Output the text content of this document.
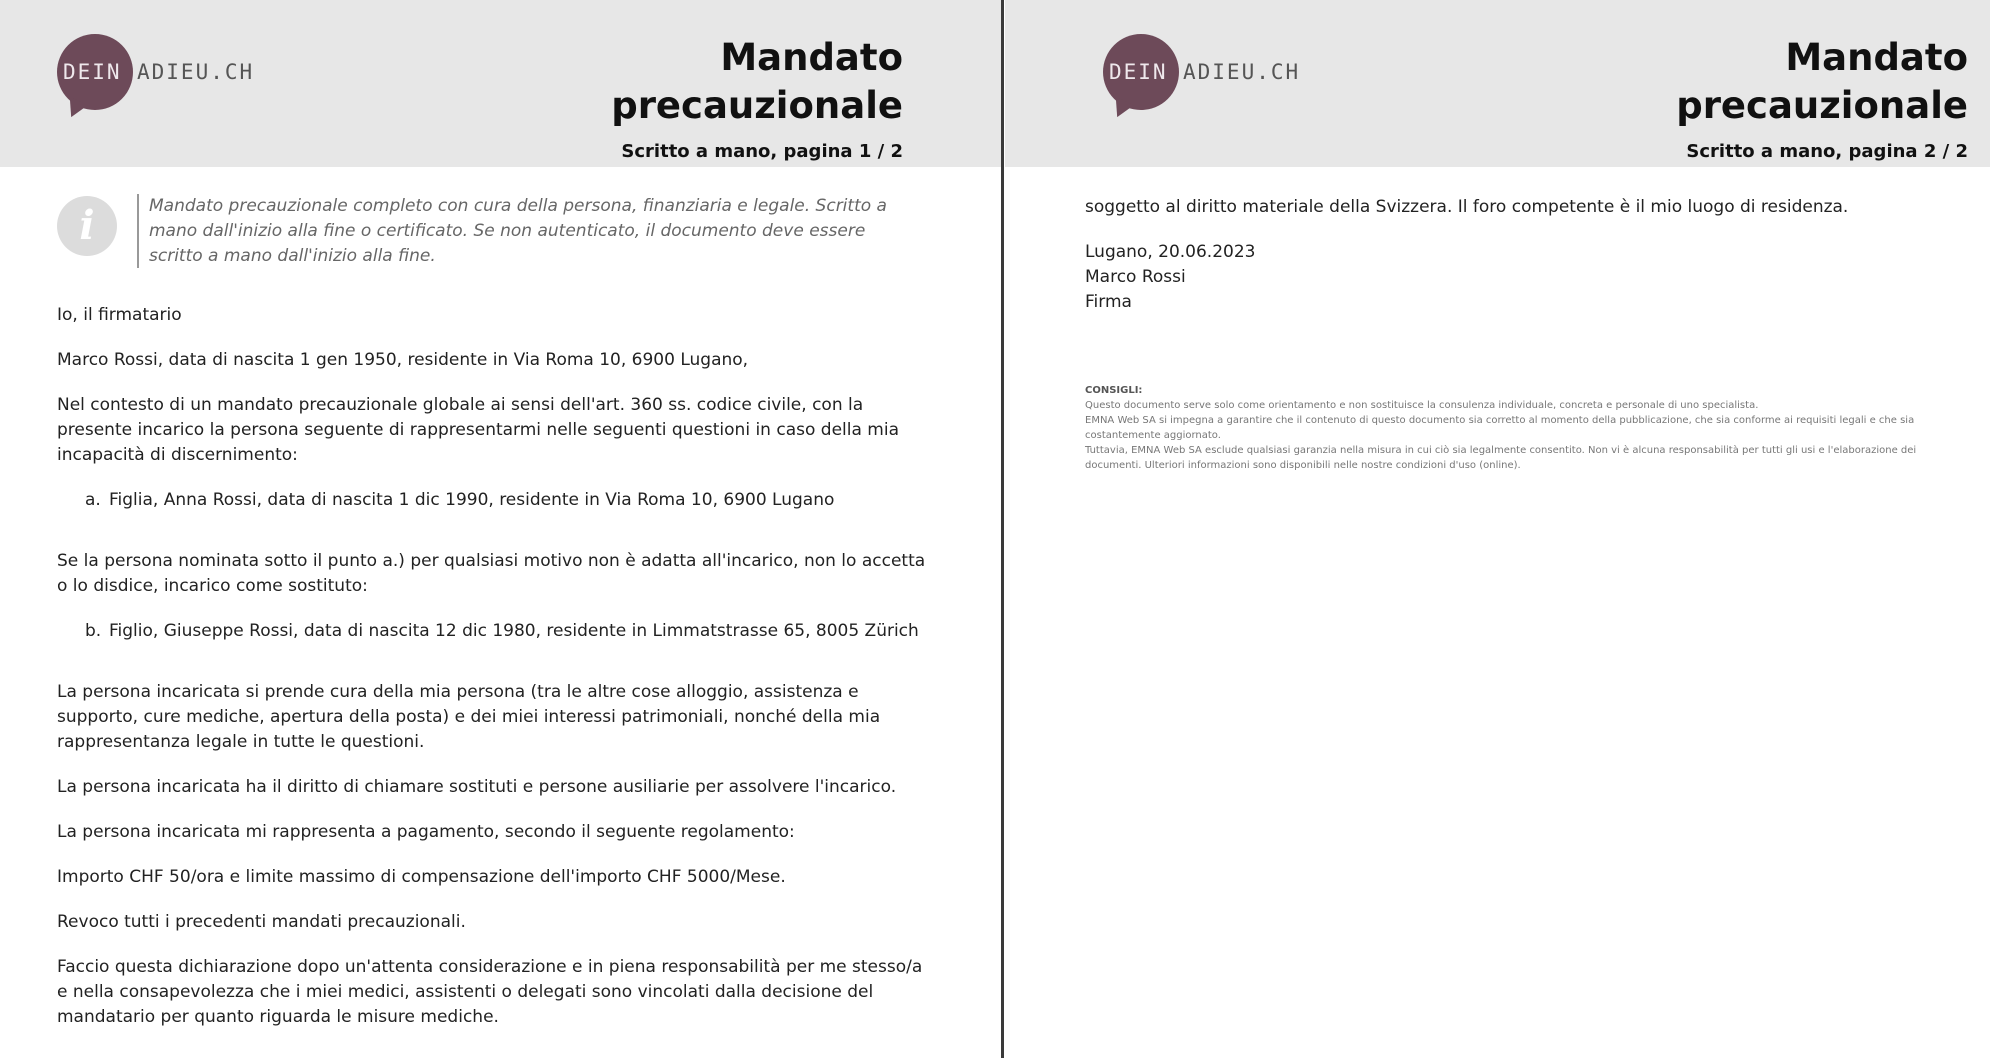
DEIN ADIEU.CH	Mandato
precauzionale
Scritto a mano, pagina 1 / 2
i	Mandato precauzionale completo con cura della persona, finanziaria e legale. Scritto a mano dall'inizio alla fine o certificato. Se non autenticato, il documento deve essere scritto a mano dall'inizio alla fine.

Io, il firmatario

Marco Rossi, data di nascita 1 gen 1950, residente in Via Roma 10, 6900 Lugano,

Nel contesto di un mandato precauzionale globale ai sensi dell'art. 360 ss. codice civile, con la presente incarico la persona seguente di rappresentarmi nelle seguenti questioni in caso della mia incapacità di discernimento:

a. Figlia, Anna Rossi, data di nascita 1 dic 1990, residente in Via Roma 10, 6900 Lugano

Se la persona nominata sotto il punto a.) per qualsiasi motivo non è adatta all'incarico, non lo accetta o lo disdice, incarico come sostituto:

b. Figlio, Giuseppe Rossi, data di nascita 12 dic 1980, residente in Limmatstrasse 65, 8005 Zürich

La persona incaricata si prende cura della mia persona (tra le altre cose alloggio, assistenza e supporto, cure mediche, apertura della posta) e dei miei interessi patrimoniali, nonché della mia rappresentanza legale in tutte le questioni.

La persona incaricata ha il diritto di chiamare sostituti e persone ausiliarie per assolvere l'incarico.

La persona incaricata mi rappresenta a pagamento, secondo il seguente regolamento:

Importo CHF 50/ora e limite massimo di compensazione dell'importo CHF 5000/Mese.

Revoco tutti i precedenti mandati precauzionali.

Faccio questa dichiarazione dopo un'attenta considerazione e in piena responsabilità per me stesso/a e nella consapevolezza che i miei medici, assistenti o delegati sono vincolati dalla decisione del mandatario per quanto riguarda le misure mediche.

DEIN ADIEU.CH	Mandato
precauzionale
Scritto a mano, pagina 2 / 2

soggetto al diritto materiale della Svizzera. Il foro competente è il mio luogo di residenza.

Lugano, 20.06.2023
Marco Rossi
Firma
CONSIGLI:
Questo documento serve solo come orientamento e non sostituisce la consulenza individuale, concreta e personale di uno specialista.
EMNA Web SA si impegna a garantire che il contenuto di questo documento sia corretto al momento della pubblicazione, che sia conforme ai requisiti legali e che sia costantemente aggiornato.
Tuttavia, EMNA Web SA esclude qualsiasi garanzia nella misura in cui ciò sia legalmente consentito. Non vi è alcuna responsabilità per tutti gli usi e l'elaborazione dei documenti. Ulteriori informazioni sono disponibili nelle nostre condizioni d'uso (online).
